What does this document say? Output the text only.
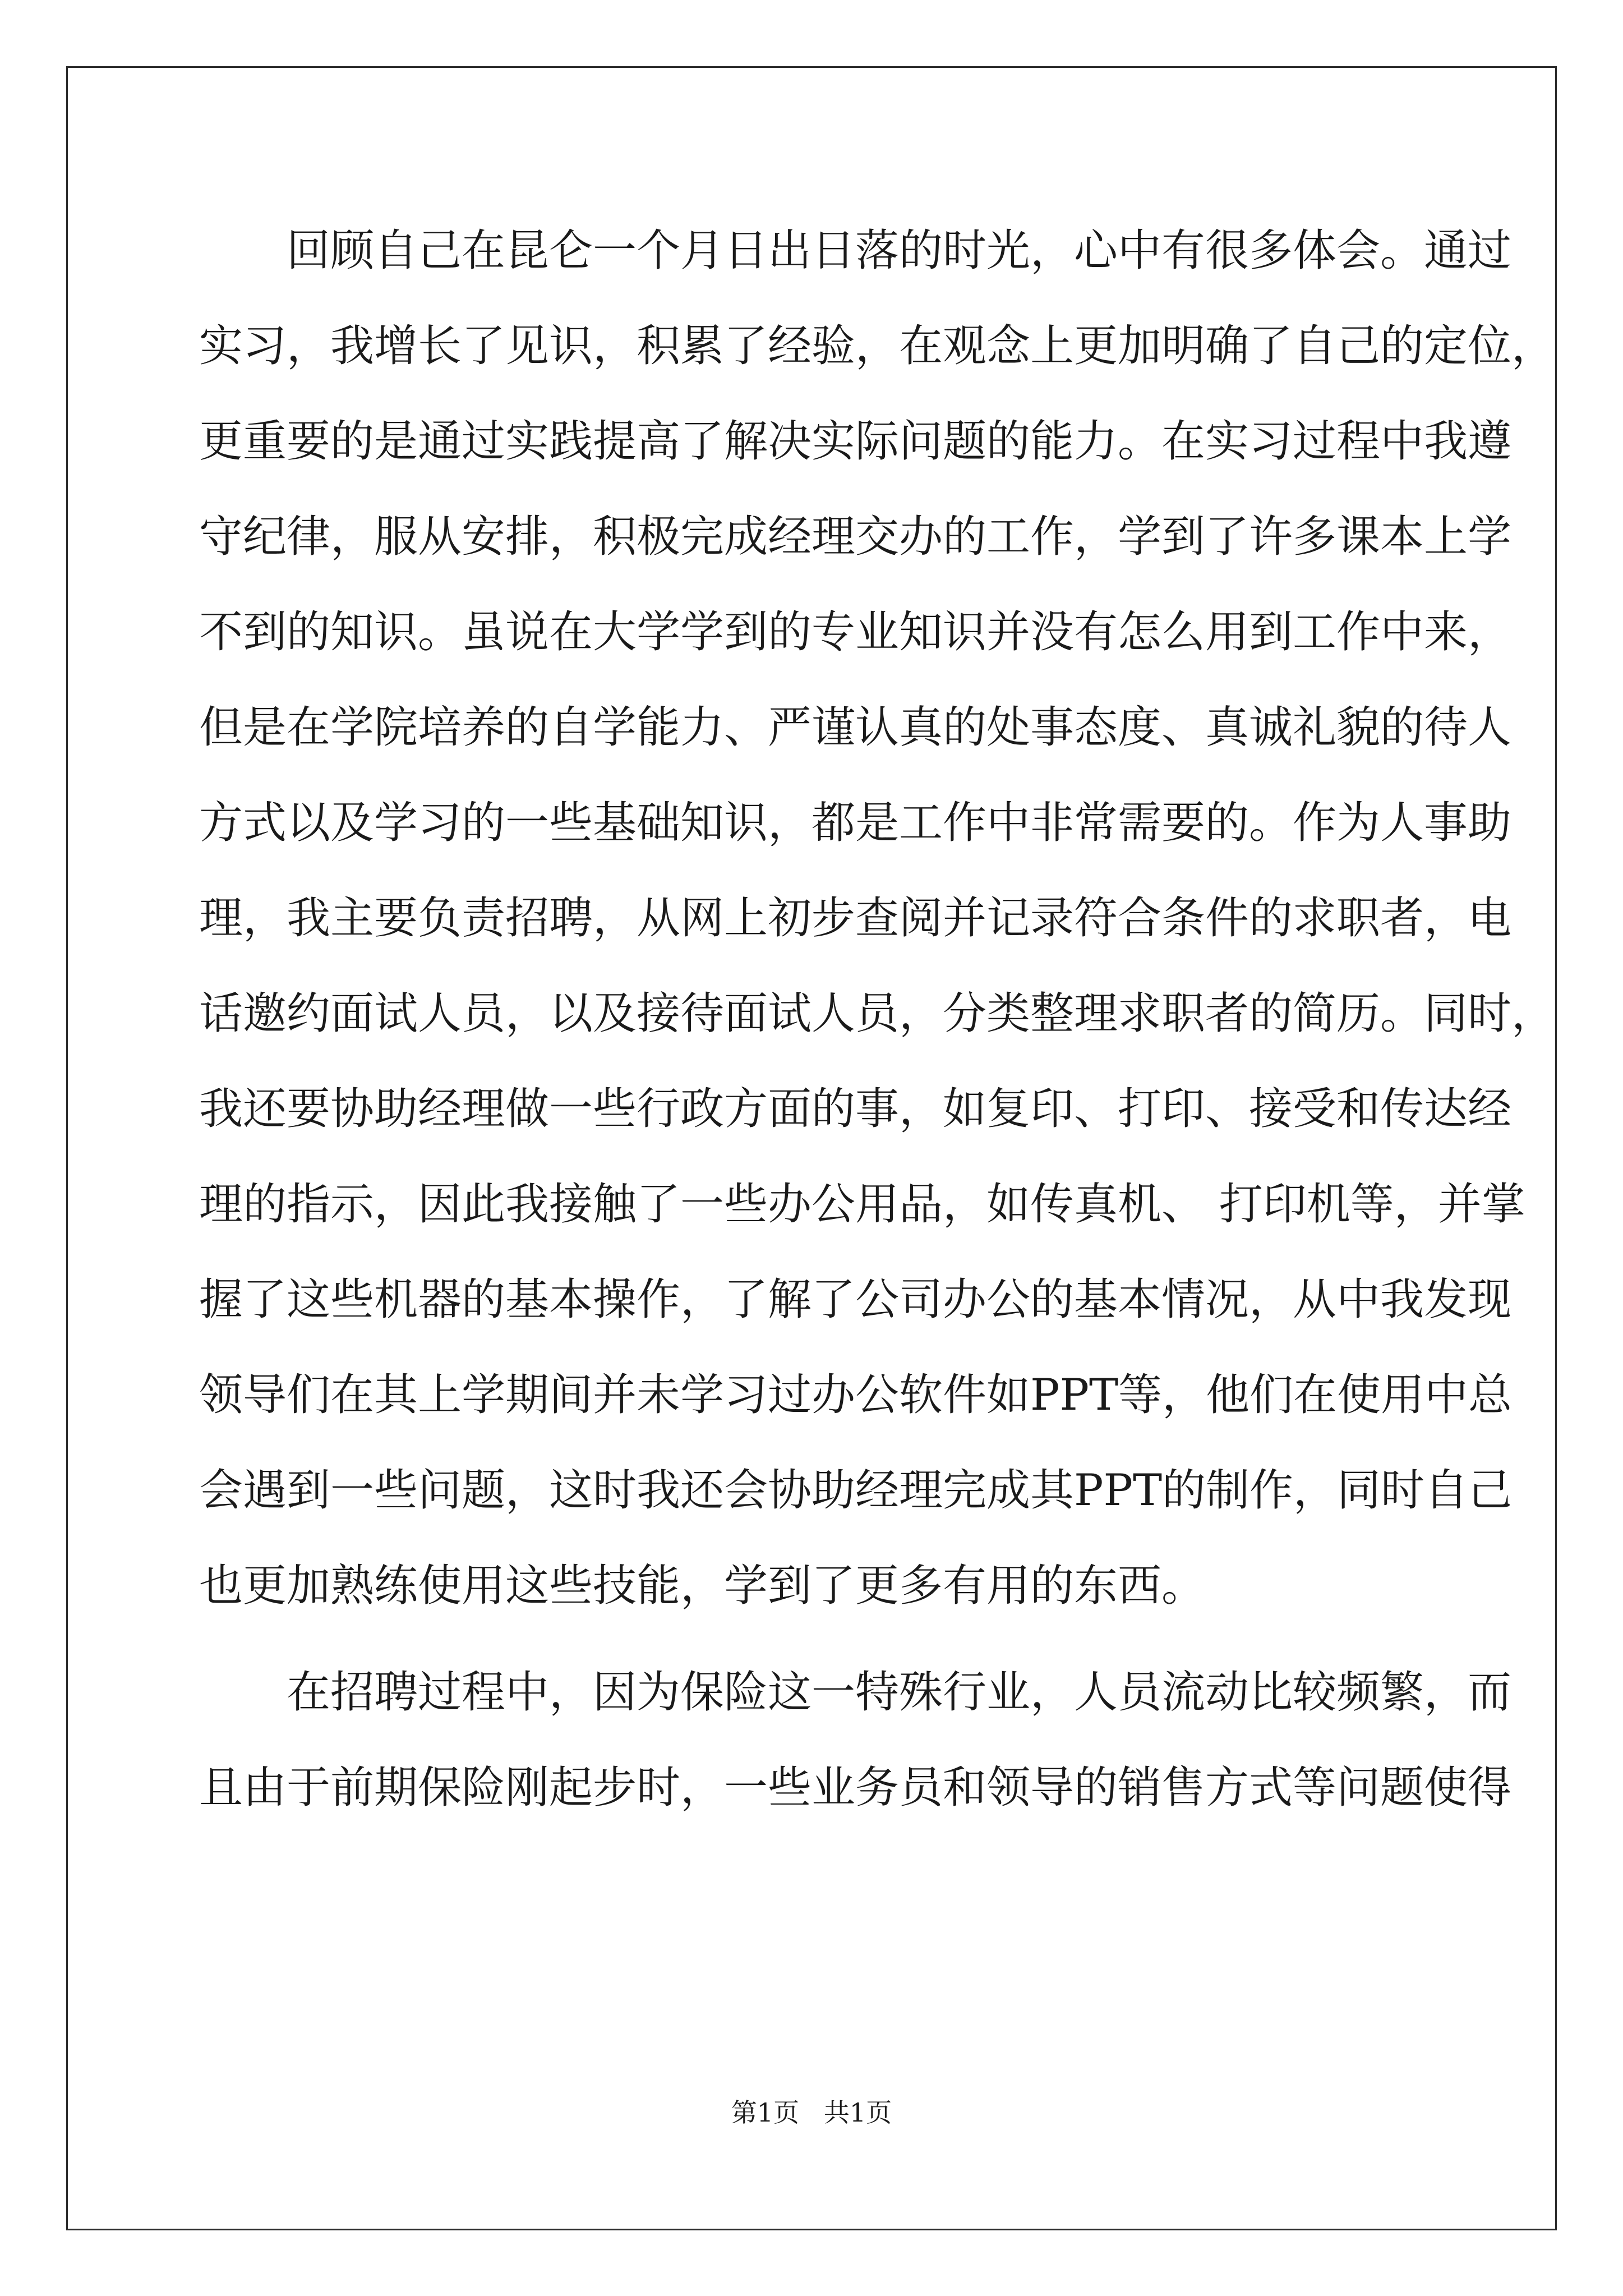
回顾自己在昆仑一个月日出日落的时光，心中有很多体会。通过
实习，我增长了见识，积累了经验，在观念上更加明确了自己的定位，
更重要的是通过实践提高了解决实际问题的能力。在实习过程中我遵
守纪律，服从安排，积极完成经理交办的工作，学到了许多课本上学
不到的知识。虽说在大学学到的专业知识并没有怎么用到工作中来，
但是在学院培养的自学能力、严谨认真的处事态度、真诚礼貌的待人
方式以及学习的一些基础知识，都是工作中非常需要的。作为人事助
理，我主要负责招聘，从网上初步查阅并记录符合条件的求职者，电
话邀约面试人员，以及接待面试人员，分类整理求职者的简历。同时，
我还要协助经理做一些行政方面的事，如复印、打印、接受和传达经
理的指示，因此我接触了一些办公用品，如传真机、 打印机等，并掌
握了这些机器的基本操作，了解了公司办公的基本情况，从中我发现
领导们在其上学期间并未学习过办公软件如PPT等，他们在使用中总
会遇到一些问题，这时我还会协助经理完成其PPT的制作，同时自己
也更加熟练使用这些技能，学到了更多有用的东西。
在招聘过程中，因为保险这一特殊行业，人员流动比较频繁，而
且由于前期保险刚起步时，一些业务员和领导的销售方式等问题使得
第1页   共1页
